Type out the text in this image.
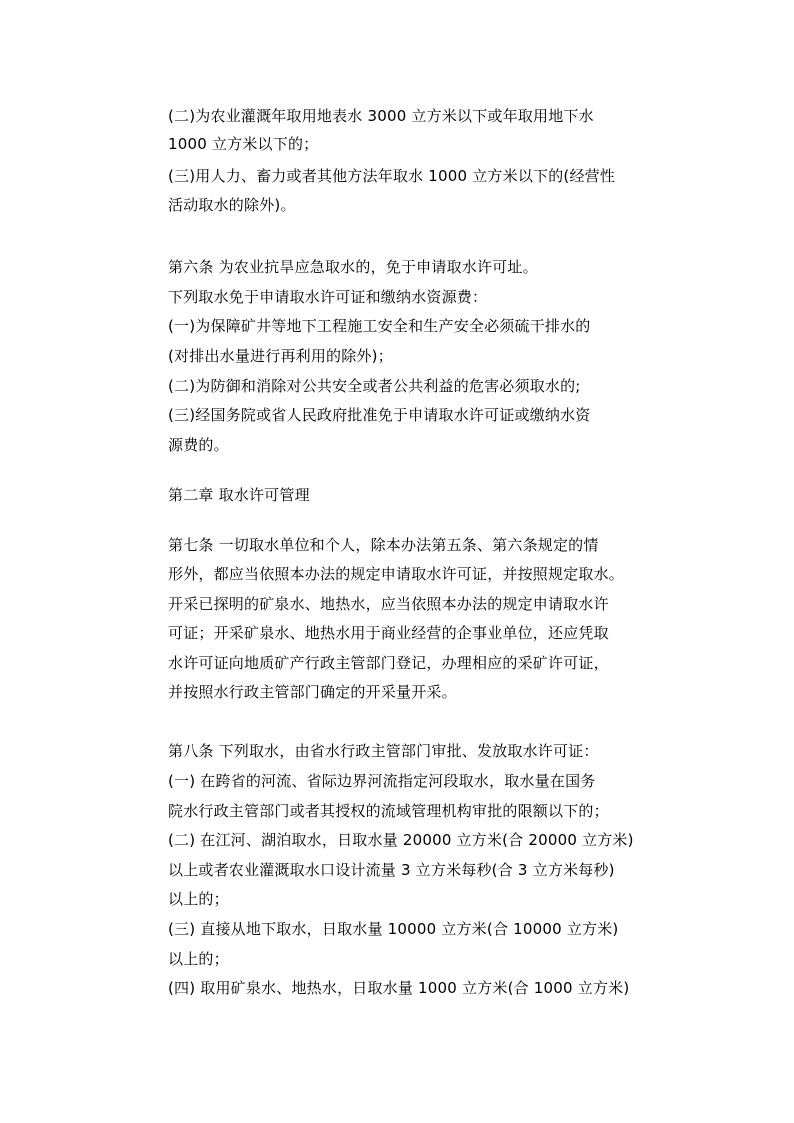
(二)为农业灌溉年取用地表水 3000 立方米以下或年取用地下水
1000 立方米以下的；
(三)用人力、畜力或者其他方法年取水 1000 立方米以下的(经营性
活动取水的除外)。
第六条 为农业抗旱应急取水的，免于申请取水许可址。
下列取水免于申请取水许可证和缴纳水资源费：
(一)为保障矿井等地下工程施工安全和生产安全必须硫干排水的
(对排出水量进行再利用的除外)；
(二)为防御和消除对公共安全或者公共利益的危害必须取水的;
(三)经国务院或省人民政府批准免于申请取水许可证或缴纳水资
源费的。
第二章 取水许可管理
第七条 一切取水单位和个人，除本办法第五条、第六条规定的情
形外，都应当依照本办法的规定申请取水许可证，并按照规定取水。
开采已探明的矿泉水、地热水，应当依照本办法的规定申请取水许
可证；开采矿泉水、地热水用于商业经营的企事业单位，还应凭取
水许可证向地质矿产行政主管部门登记，办理相应的采矿许可证，
并按照水行政主管部门确定的开采量开采。
第八条 下列取水，由省水行政主管部门审批、发放取水许可证：
(一) 在跨省的河流、省际边界河流指定河段取水，取水量在国务
院水行政主管部门或者其授权的流域管理机构审批的限额以下的；
(二) 在江河、湖泊取水，日取水量 20000 立方米(合 20000 立方米)
以上或者农业灌溉取水口设计流量 3 立方米每秒(合 3 立方米每秒)
以上的；
(三) 直接从地下取水，日取水量 10000 立方米(合 10000 立方米)
以上的；
(四) 取用矿泉水、地热水，日取水量 1000 立方米(合 1000 立方米)
